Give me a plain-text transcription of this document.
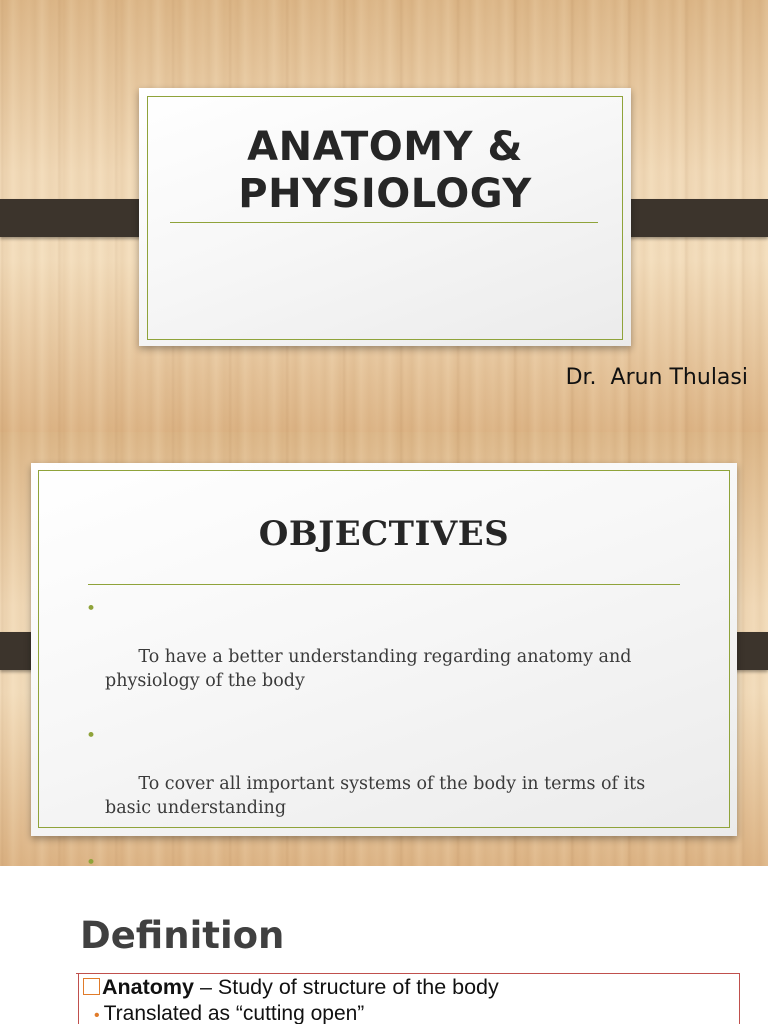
ANATOMY & PHYSIOLOGY
Dr.  Arun Thulasi
OBJECTIVES

•

To have a better understanding regarding anatomy and physiology of the body

•

To cover all important systems of the body in terms of its basic understanding

•

Definition
Anatomy – Study of structure of the body
• Translated as “cutting open”
